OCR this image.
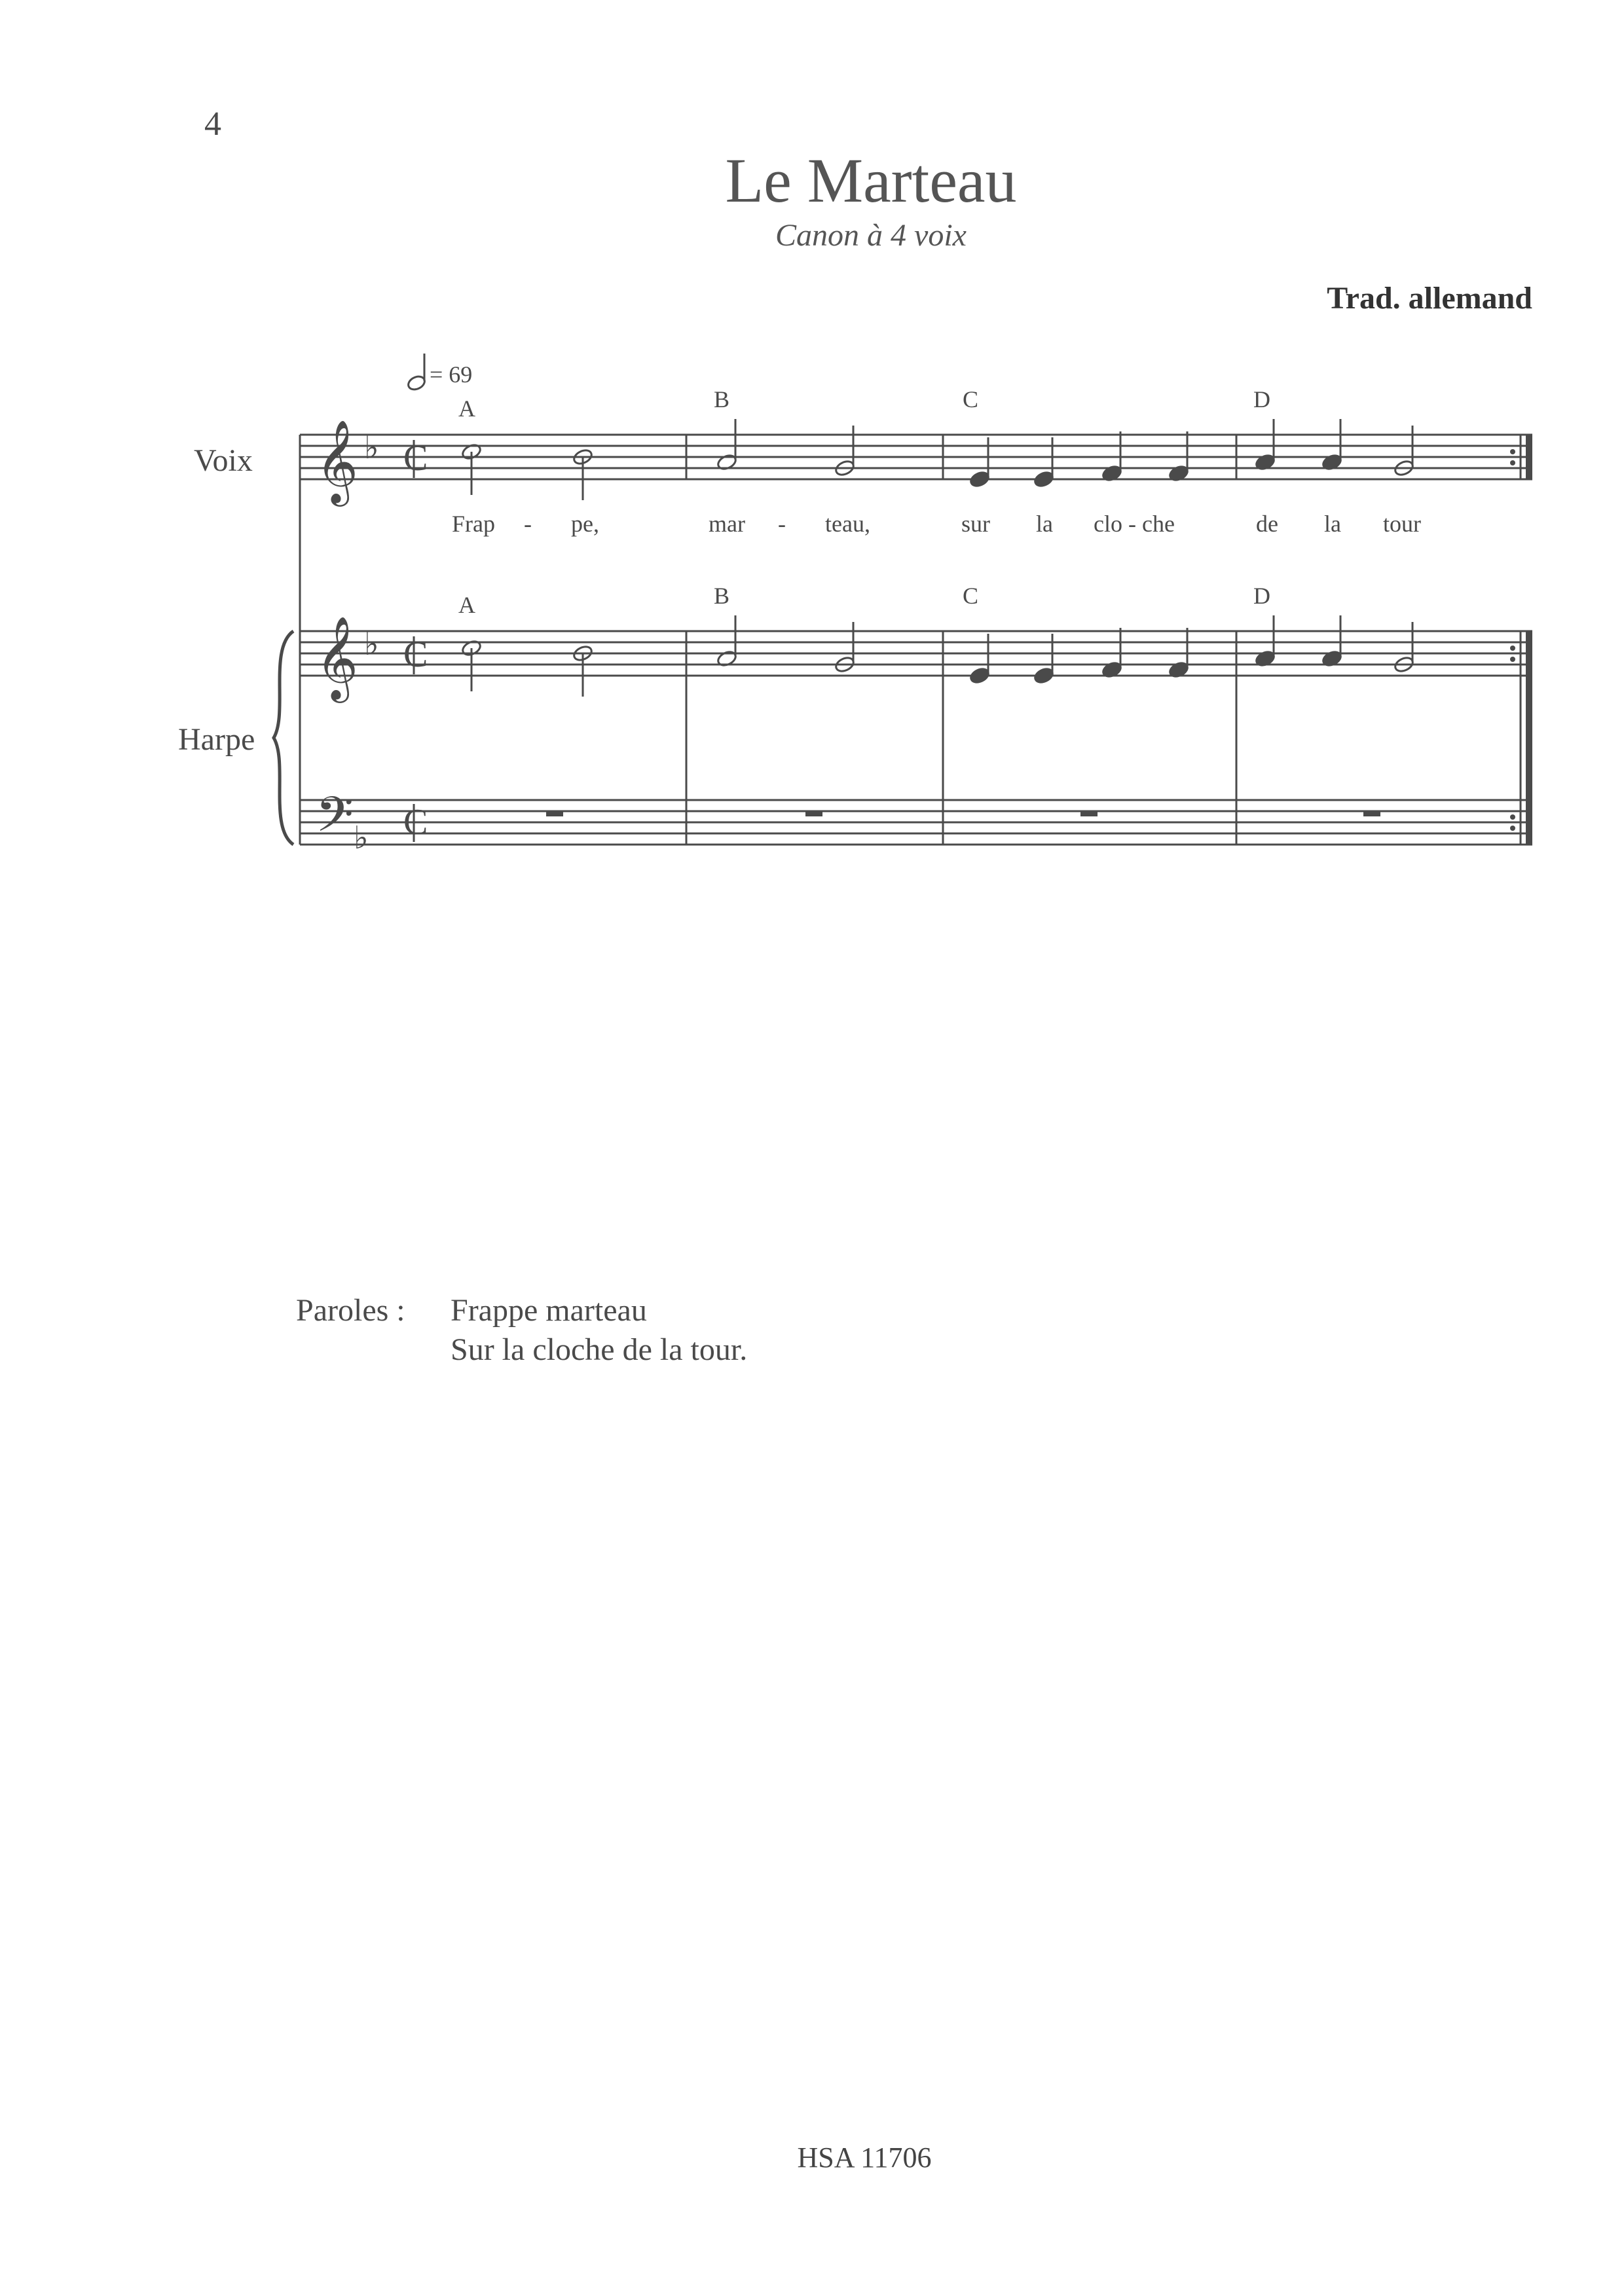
4
Le Marteau
Canon à 4 voix
Trad. allemand
Voix
Harpe
= 69
A	B	C	D
A	B	C	D
𝄞
𝄞
𝄢
♭
♭
♭
C
C
C
Frap - pe,	mar - teau,	sur la clo - che	de la tour
Paroles : Frappe marteau
Sur la cloche de la tour.
HSA 11706
